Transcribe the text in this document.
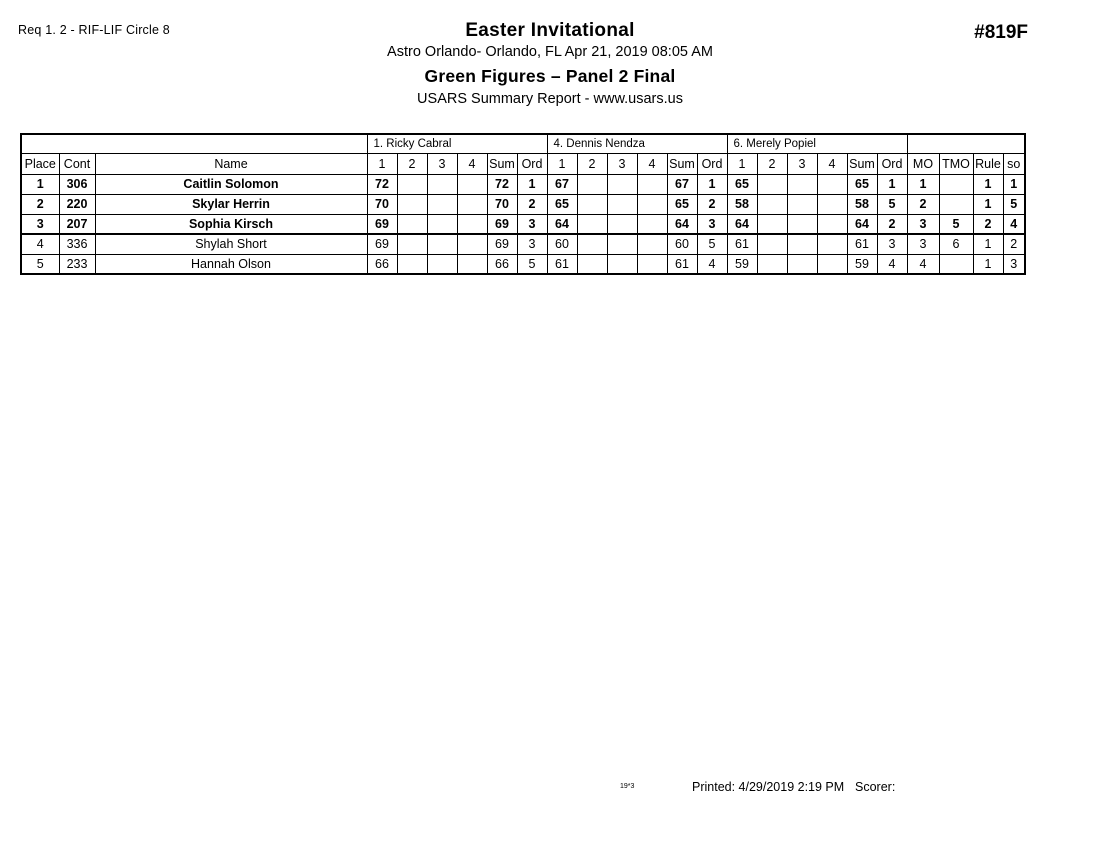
Req 1. 2 - RIF-LIF Circle 8	#819F
Easter Invitational
Astro Orlando- Orlando, FL Apr 21, 2019 08:05 AM
Green Figures – Panel 2 Final
USARS Summary Report - www.usars.us
			1. Ricky Cabral						4. Dennis Nendza						6. Merely Popiel									
Place	Cont	Name	1	2	3	4	Sum	Ord	1	2	3	4	Sum	Ord	1	2	3	4	Sum	Ord	MO	TMO	Rule	so
1	306	Caitlin Solomon	72				72	1	67				67	1	65				65	1	1		1	1
2	220	Skylar Herrin	70				70	2	65				65	2	58				58	5	2		1	5
3	207	Sophia Kirsch	69				69	3	64				64	3	64				64	2	3	5	2	4
4	336	Shylah Short	69				69	3	60				60	5	61				61	3	3	6	1	2
5	233	Hannah Olson	66				66	5	61				61	4	59				59	4	4		1	3
19*3	Printed: 4/29/2019 2:19 PM Scorer:
